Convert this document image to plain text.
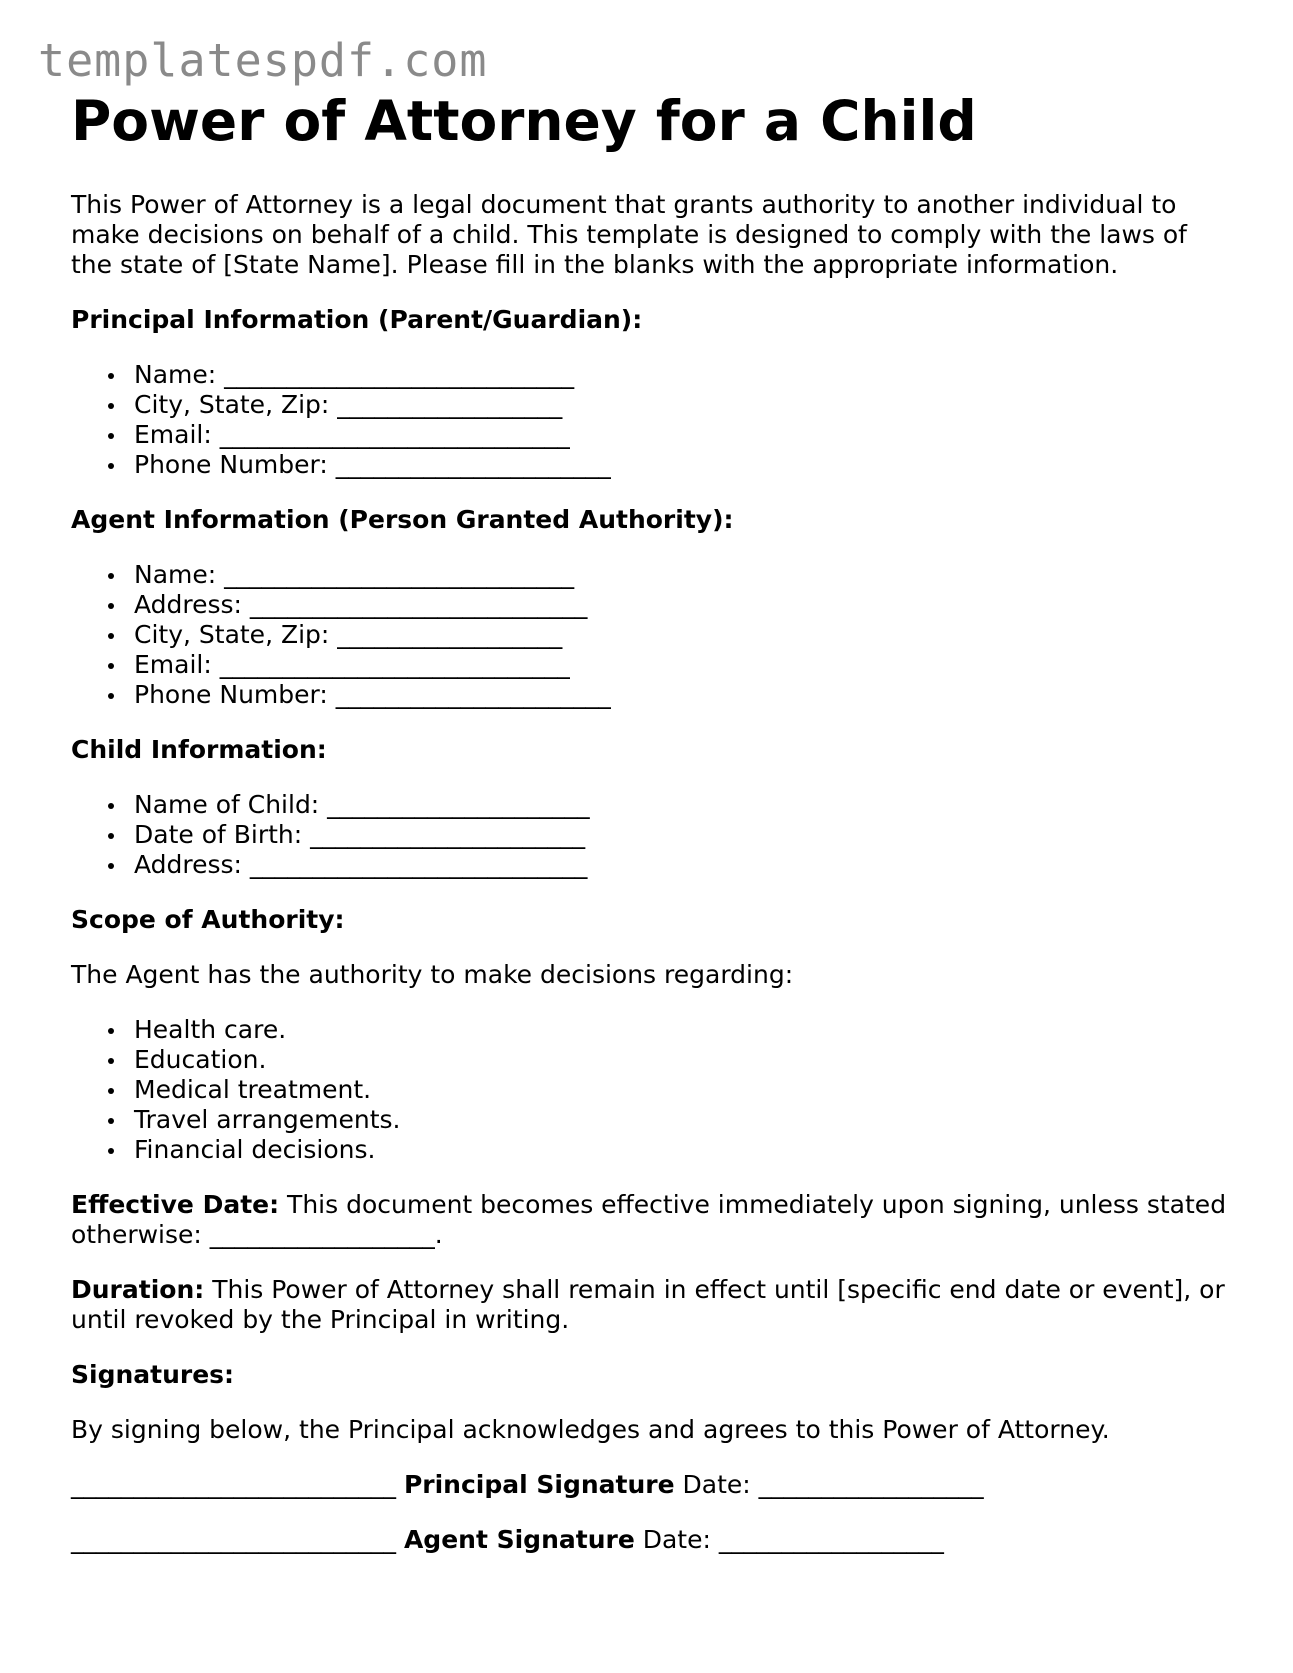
templatespdf.com
Power of Attorney for a Child

This Power of Attorney is a legal document that grants authority to another individual to make decisions on behalf of a child. This template is designed to comply with the laws of the state of [State Name]. Please fill in the blanks with the appropriate information.

Principal Information (Parent/Guardian):

Name: ____________________________
City, State, Zip: __________________
Email: ____________________________
Phone Number: ______________________

Agent Information (Person Granted Authority):

Name: ____________________________
Address: ___________________________
City, State, Zip: __________________
Email: ____________________________
Phone Number: ______________________

Child Information:

Name of Child: _____________________
Date of Birth: ______________________
Address: ___________________________

Scope of Authority:

The Agent has the authority to make decisions regarding:

Health care.
Education.
Medical treatment.
Travel arrangements.
Financial decisions.

Effective Date: This document becomes effective immediately upon signing, unless stated otherwise: __________________.

Duration: This Power of Attorney shall remain in effect until [specific end date or event], or until revoked by the Principal in writing.

Signatures:

By signing below, the Principal acknowledges and agrees to this Power of Attorney.

__________________________ Principal Signature Date: __________________

__________________________ Agent Signature Date: __________________
